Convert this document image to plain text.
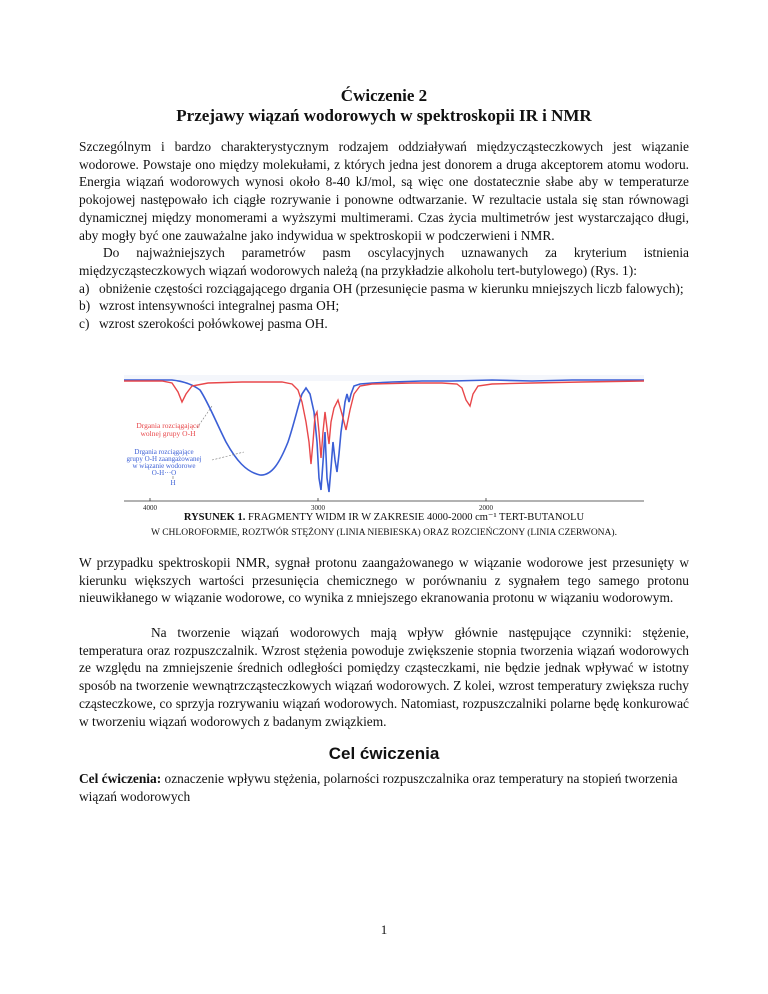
Ćwiczenie 2
Przejawy wiązań wodorowych w spektroskopii IR i NMR

Szczególnym i bardzo charakterystycznym rodzajem oddziaływań międzycząsteczkowych jest wiązanie wodorowe. Powstaje ono między molekułami, z których jedna jest donorem a druga akceptorem atomu wodoru. Energia wiązań wodorowych wynosi około 8-40 kJ/mol, są więc one dostatecznie słabe aby w temperaturze pokojowej następowało ich ciągłe rozrywanie i ponowne odtwarzanie. W rezultacie ustala się stan równowagi dynamicznej między monomerami a wyższymi multimerami. Czas życia multimetrów jest wystarczająco długi, aby mogły być one zauważalne jako indywidua w spektroskopii w podczerwieni i NMR.

Do najważniejszych parametrów pasm oscylacyjnych uznawanych za kryterium istnienia międzycząsteczkowych wiązań wodorowych należą (na przykładzie alkoholu tert-butylowego) (Rys. 1):

a) obniżenie częstości rozciągającego drgania OH (przesunięcie pasma w kierunku mniejszych liczb falowych);
b) wzrost intensywności integralnej pasma OH;
c) wzrost szerokości połówkowej pasma OH.
4000	3000	2000
Drgania rozciągające
wolnej grupy O-H
Drgania rozciągające
grupy O-H zaangażowanej
w wiązanie wodorowe
O-H···O
H
RYSUNEK 1. FRAGMENTY WIDM IR W ZAKRESIE 4000-2000 cm⁻¹ TERT-BUTANOLU
W CHLOROFORMIE, ROZTWÓR STĘŻONY (LINIA NIEBIESKA) ORAZ ROZCIEŃCZONY (LINIA CZERWONA).

W przypadku spektroskopii NMR, sygnał protonu zaangażowanego w wiązanie wodorowe jest przesunięty w kierunku większych wartości przesunięcia chemicznego w porównaniu z sygnałem tego samego protonu nieuwikłanego w wiązanie wodorowe, co wynika z mniejszego ekranowania protonu w wiązaniu wodorowym.

Na tworzenie wiązań wodorowych mają wpływ głównie następujące czynniki: stężenie, temperatura oraz rozpuszczalnik. Wzrost stężenia powoduje zwiększenie stopnia tworzenia wiązań wodorowych ze względu na zmniejszenie średnich odległości pomiędzy cząsteczkami, nie będzie jednak wpływać w istotny sposób na tworzenie wewnątrzcząsteczkowych wiązań wodorowych. Z kolei, wzrost temperatury zwiększa ruchy cząsteczkowe, co sprzyja rozrywaniu wiązań wodorowych. Natomiast, rozpuszczalniki polarne będę konkurować w tworzeniu wiązań wodorowych z badanym związkiem.

Cel ćwiczenia
Cel ćwiczenia: oznaczenie wpływu stężenia, polarności rozpuszczalnika oraz temperatury na stopień tworzenia wiązań wodorowych
1
